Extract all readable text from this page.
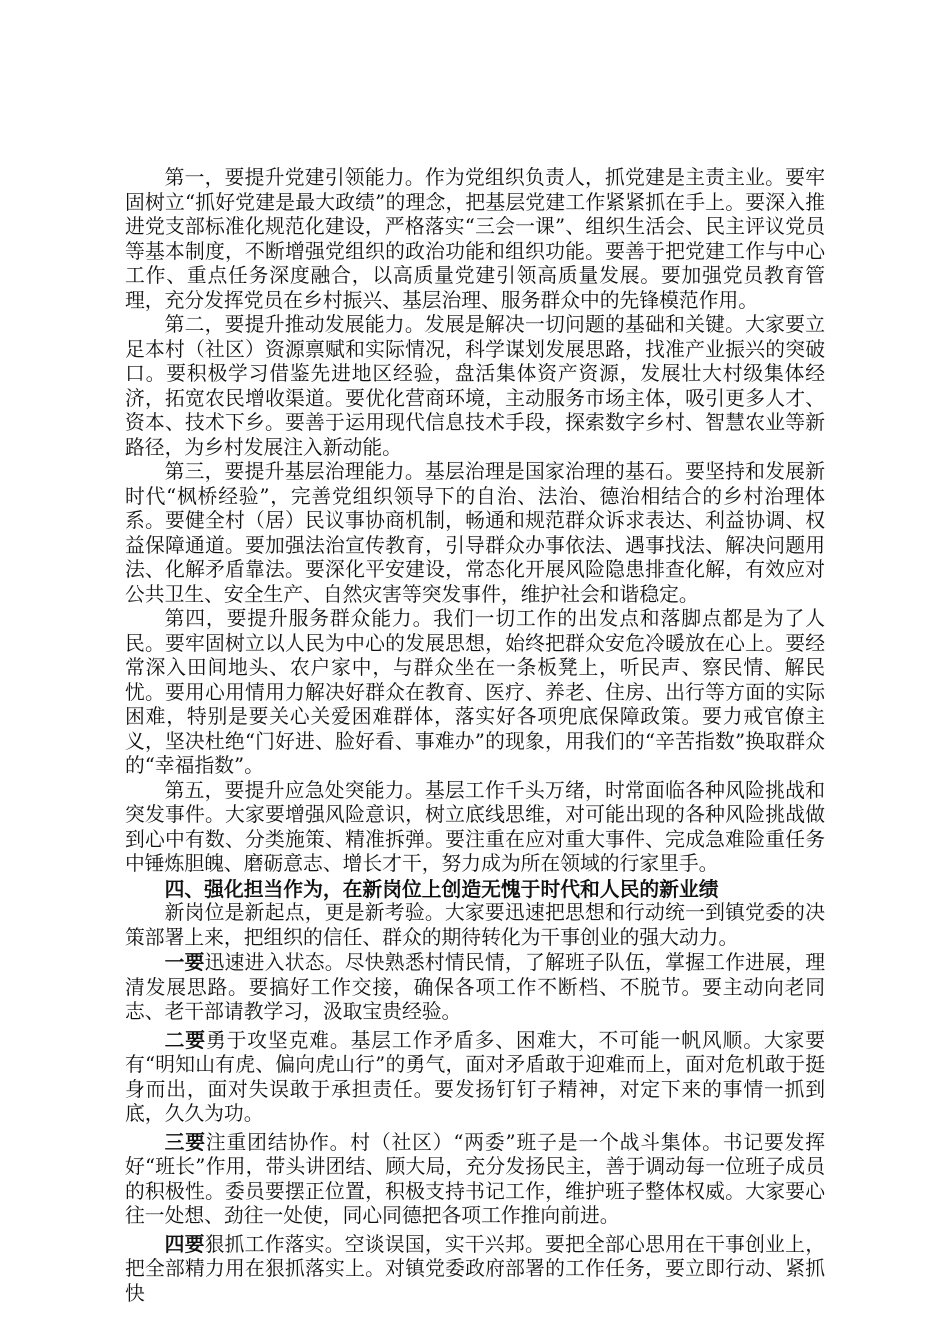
第一，要提升党建引领能力。作为党组织负责人，抓党建是主责主业。要牢固树立“抓好党建是最大政绩”的理念，把基层党建工作紧紧抓在手上。要深入推进党支部标准化规范化建设，严格落实“三会一课”、组织生活会、民主评议党员等基本制度，不断增强党组织的政治功能和组织功能。要善于把党建工作与中心工作、重点任务深度融合，以高质量党建引领高质量发展。要加强党员教育管理，充分发挥党员在乡村振兴、基层治理、服务群众中的先锋模范作用。

第二，要提升推动发展能力。发展是解决一切问题的基础和关键。大家要立足本村（社区）资源禀赋和实际情况，科学谋划发展思路，找准产业振兴的突破口。要积极学习借鉴先进地区经验，盘活集体资产资源，发展壮大村级集体经济，拓宽农民增收渠道。要优化营商环境，主动服务市场主体，吸引更多人才、资本、技术下乡。要善于运用现代信息技术手段，探索数字乡村、智慧农业等新路径，为乡村发展注入新动能。

第三，要提升基层治理能力。基层治理是国家治理的基石。要坚持和发展新时代“枫桥经验”，完善党组织领导下的自治、法治、德治相结合的乡村治理体系。要健全村（居）民议事协商机制，畅通和规范群众诉求表达、利益协调、权益保障通道。要加强法治宣传教育，引导群众办事依法、遇事找法、解决问题用法、化解矛盾靠法。要深化平安建设，常态化开展风险隐患排查化解，有效应对公共卫生、安全生产、自然灾害等突发事件，维护社会和谐稳定。

第四，要提升服务群众能力。我们一切工作的出发点和落脚点都是为了人民。要牢固树立以人民为中心的发展思想，始终把群众安危冷暖放在心上。要经常深入田间地头、农户家中，与群众坐在一条板凳上，听民声、察民情、解民忧。要用心用情用力解决好群众在教育、医疗、养老、住房、出行等方面的实际困难，特别是要关心关爱困难群体，落实好各项兜底保障政策。要力戒官僚主义，坚决杜绝“门好进、脸好看、事难办”的现象，用我们的“辛苦指数”换取群众的“幸福指数”。

第五，要提升应急处突能力。基层工作千头万绪，时常面临各种风险挑战和突发事件。大家要增强风险意识，树立底线思维，对可能出现的各种风险挑战做到心中有数、分类施策、精准拆弹。要注重在应对重大事件、完成急难险重任务中锤炼胆魄、磨砺意志、增长才干，努力成为所在领域的行家里手。

四、强化担当作为，在新岗位上创造无愧于时代和人民的新业绩

新岗位是新起点，更是新考验。大家要迅速把思想和行动统一到镇党委的决策部署上来，把组织的信任、群众的期待转化为干事创业的强大动力。

一要迅速进入状态。尽快熟悉村情民情，了解班子队伍，掌握工作进展，理清发展思路。要搞好工作交接，确保各项工作不断档、不脱节。要主动向老同志、老干部请教学习，汲取宝贵经验。

二要勇于攻坚克难。基层工作矛盾多、困难大，不可能一帆风顺。大家要有“明知山有虎、偏向虎山行”的勇气，面对矛盾敢于迎难而上，面对危机敢于挺身而出，面对失误敢于承担责任。要发扬钉钉子精神，对定下来的事情一抓到底，久久为功。

三要注重团结协作。村（社区）“两委”班子是一个战斗集体。书记要发挥好“班长”作用，带头讲团结、顾大局，充分发扬民主，善于调动每一位班子成员的积极性。委员要摆正位置，积极支持书记工作，维护班子整体权威。大家要心往一处想、劲往一处使，同心同德把各项工作推向前进。

四要狠抓工作落实。空谈误国，实干兴邦。要把全部心思用在干事创业上，把全部精力用在狠抓落实上。对镇党委政府部署的工作任务，要立即行动、紧抓快
